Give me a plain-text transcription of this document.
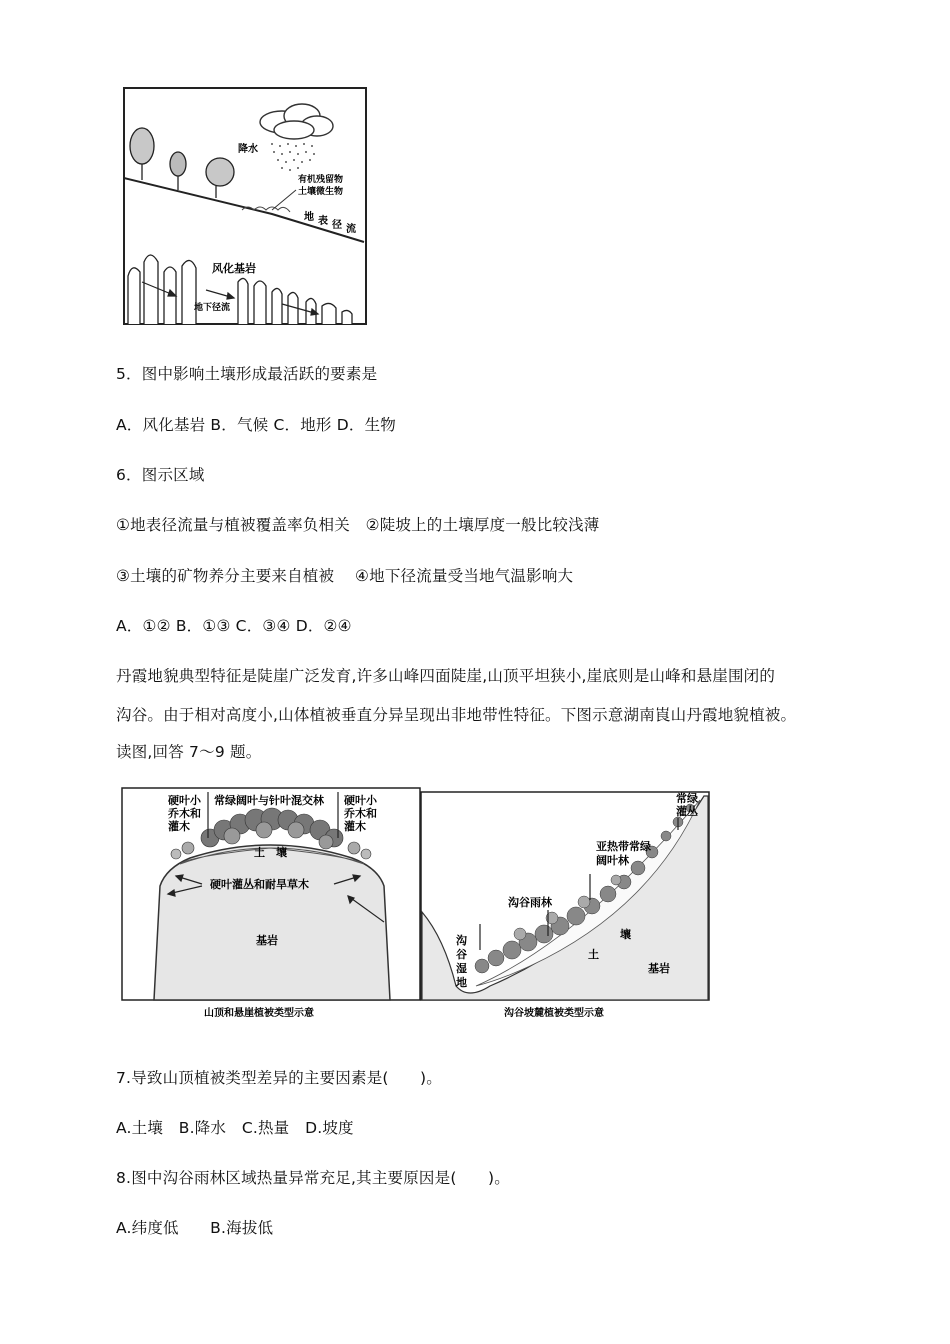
降水
有机残留物
土壤微生物
地 表 径 流
风化基岩
地下径流
5．图中影响土壤形成最活跃的要素是
A．风化基岩 B．气候 C．地形 D．生物
6．图示区域
①地表径流量与植被覆盖率负相关　②陡坡上的土壤厚度一般比较浅薄
③土壤的矿物养分主要来自植被　 ④地下径流量受当地气温影响大
A．①② B．①③ C．③④ D．②④
丹霞地貌典型特征是陡崖广泛发育,许多山峰四面陡崖,山顶平坦狭小,崖底则是山峰和悬崖围闭的
沟谷。由于相对高度小,山体植被垂直分异呈现出非地带性特征。下图示意湖南崀山丹霞地貌植被。
读图,回答 7～9 题。
硬叶小 乔木和 灌木
常绿阔叶与针叶混交林 硬叶小 乔木和 灌木
土　壤
硬叶灌丛和耐旱草木
基岩
山顶和悬崖植被类型示意
常绿 灌丛
亚热带常绿 阔叶林
沟谷雨林
沟 谷 湿 地
壤
土
基岩
沟谷坡麓植被类型示意
7.导致山顶植被类型差异的主要因素是(　　)。
A.土壤　B.降水　C.热量　D.坡度
8.图中沟谷雨林区域热量异常充足,其主要原因是(　　)。
A.纬度低　　B.海拔低
